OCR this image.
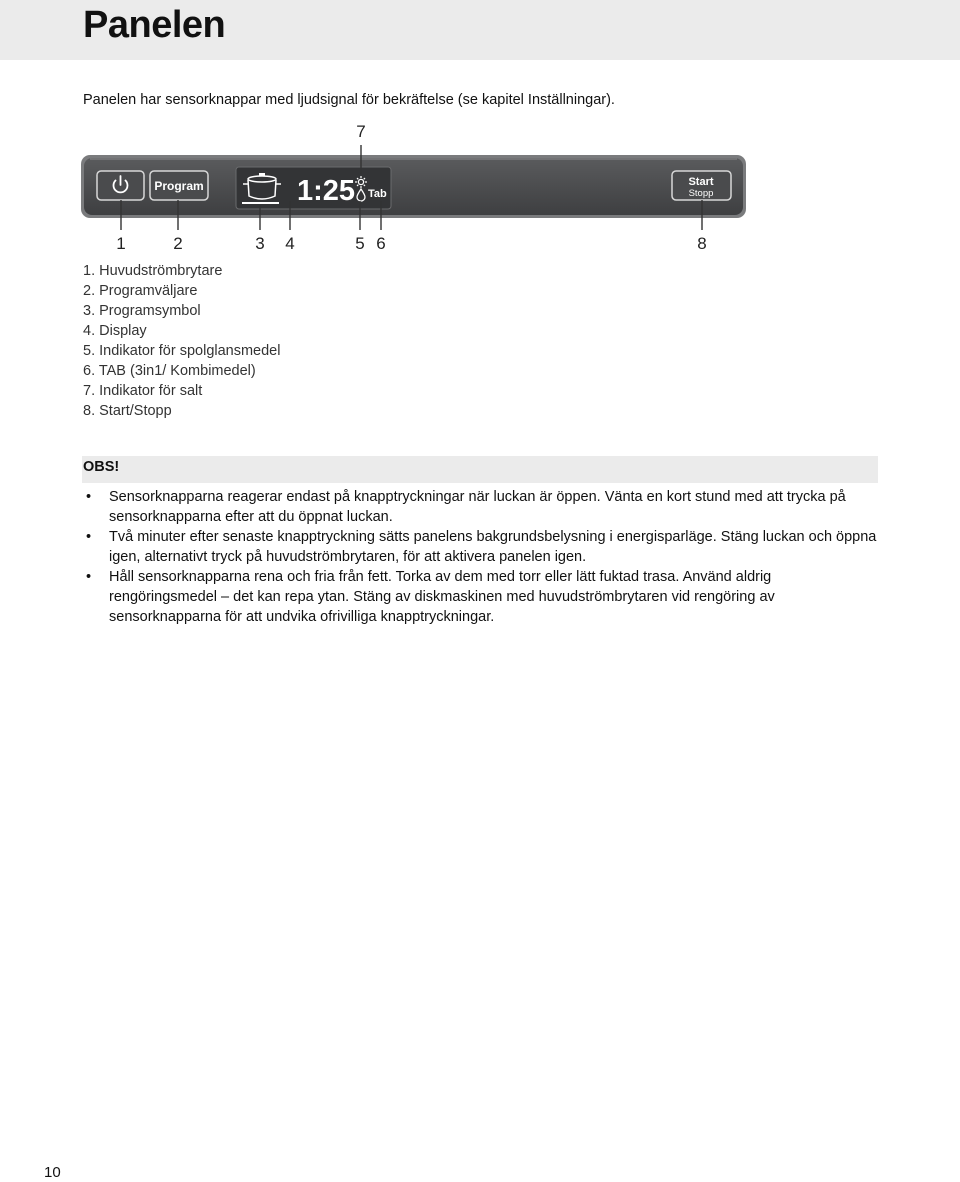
Panelen
Panelen har sensorknappar med ljudsignal för bekräftelse (se kapitel Inställningar).
Program	1:25 Tab
Start
Stopp
1	2	3	4	5 6
7
8
1. Huvudströmbrytare
2. Programväljare
3. Programsymbol
4. Display
5. Indikator för spolglansmedel
6. TAB (3in1/ Kombimedel)
7. Indikator för salt
8. Start/Stopp
OBS!
• Sensorknapparna reagerar endast på knapptryckningar när luckan är öppen. Vänta en kort stund med att trycka på sensorknapparna efter att du öppnat luckan.
• Två minuter efter senaste knapptryckning sätts panelens bakgrundsbelysning i energisparläge. Stäng luckan och öppna igen, alternativt tryck på huvudströmbrytaren, för att aktivera panelen igen.
• Håll sensorknapparna rena och fria från fett. Torka av dem med torr eller lätt fuktad trasa. Använd aldrig rengöringsmedel – det kan repa ytan. Stäng av diskmaskinen med huvudströmbrytaren vid rengöring av sensorknapparna för att undvika ofrivilliga knapptryckningar.
10
